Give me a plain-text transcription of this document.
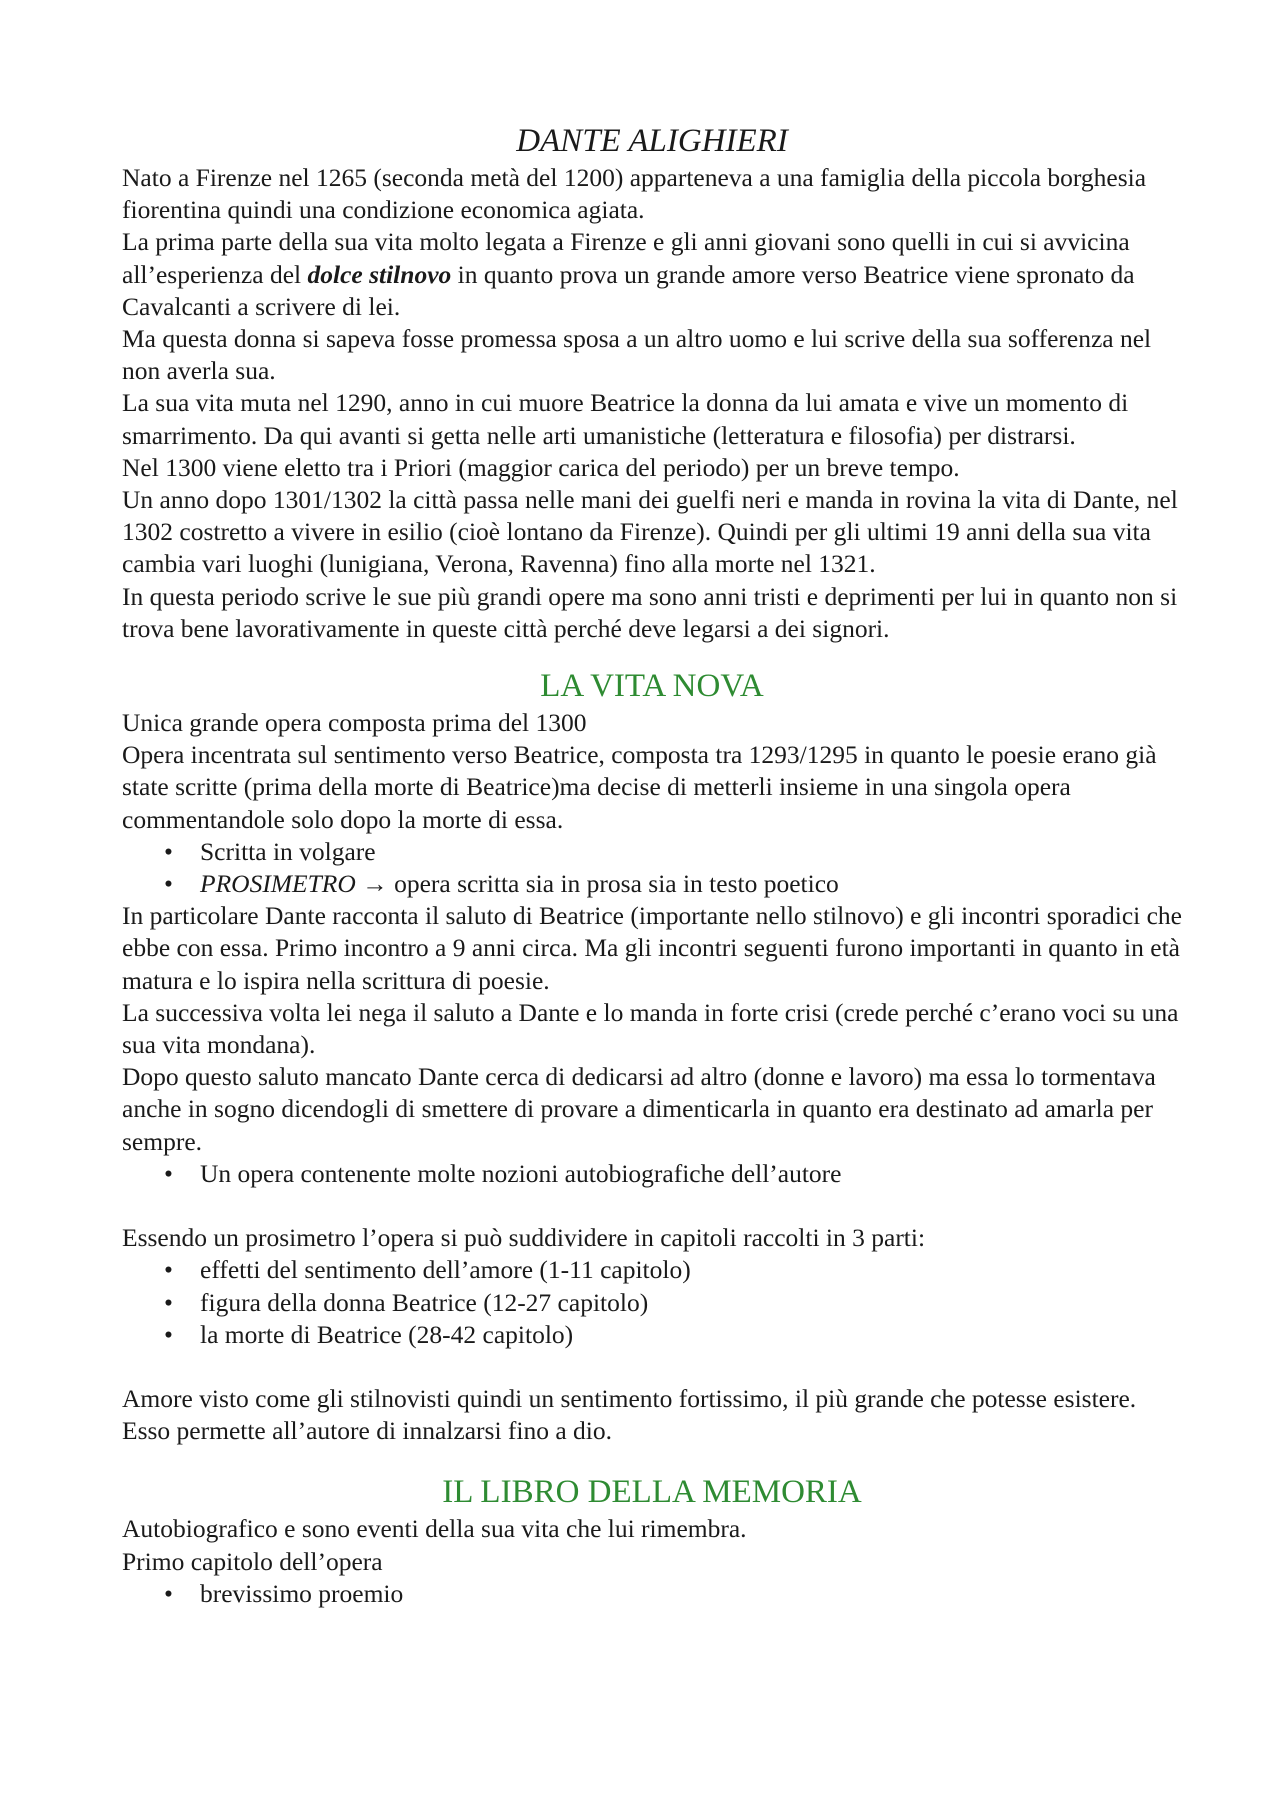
DANTE ALIGHIERI

Nato a Firenze nel 1265 (seconda metà del 1200) apparteneva a una famiglia della piccola borghesia fiorentina quindi una condizione economica agiata.

La prima parte della sua vita molto legata a Firenze e gli anni giovani sono quelli in cui si avvicina all’esperienza del dolce stilnovo in quanto prova un grande amore verso Beatrice viene spronato da Cavalcanti a scrivere di lei.

Ma questa donna si sapeva fosse promessa sposa a un altro uomo e lui scrive della sua sofferenza nel non averla sua.

La sua vita muta nel 1290, anno in cui muore Beatrice la donna da lui amata e vive un momento di smarrimento. Da qui avanti si getta nelle arti umanistiche (letteratura e filosofia) per distrarsi.

Nel 1300 viene eletto tra i Priori (maggior carica del periodo) per un breve tempo.

Un anno dopo 1301/1302 la città passa nelle mani dei guelfi neri e manda in rovina la vita di Dante, nel 1302 costretto a vivere in esilio (cioè lontano da Firenze). Quindi per gli ultimi 19 anni della sua vita cambia vari luoghi (lunigiana, Verona, Ravenna) fino alla morte nel 1321.

In questa periodo scrive le sue più grandi opere ma sono anni tristi e deprimenti per lui in quanto non si trova bene lavorativamente in queste città perché deve legarsi a dei signori.

LA VITA NOVA

Unica grande opera composta prima del 1300

Opera incentrata sul sentimento verso Beatrice, composta tra 1293/1295 in quanto le poesie erano già state scritte (prima della morte di Beatrice)ma decise di metterli insieme in una singola opera commentandole solo dopo la morte di essa.

• Scritta in volgare
• PROSIMETRO → opera scritta sia in prosa sia in testo poetico

In particolare Dante racconta il saluto di Beatrice (importante nello stilnovo) e gli incontri sporadici che ebbe con essa. Primo incontro a 9 anni circa. Ma gli incontri seguenti furono importanti in quanto in età matura e lo ispira nella scrittura di poesie.

La successiva volta lei nega il saluto a Dante e lo manda in forte crisi (crede perché c’erano voci su una sua vita mondana).

Dopo questo saluto mancato Dante cerca di dedicarsi ad altro (donne e lavoro) ma essa lo tormentava anche in sogno dicendogli di smettere di provare a dimenticarla in quanto era destinato ad amarla per sempre.

• Un opera contenente molte nozioni autobiografiche dell’autore

Essendo un prosimetro l’opera si può suddividere in capitoli raccolti in 3 parti:

• effetti del sentimento dell’amore (1-11 capitolo)
• figura della donna Beatrice (12-27 capitolo)
• la morte di Beatrice (28-42 capitolo)

Amore visto come gli stilnovisti quindi un sentimento fortissimo, il più grande che potesse esistere. Esso permette all’autore di innalzarsi fino a dio.

IL LIBRO DELLA MEMORIA

Autobiografico e sono eventi della sua vita che lui rimembra.

Primo capitolo dell’opera

• brevissimo proemio
